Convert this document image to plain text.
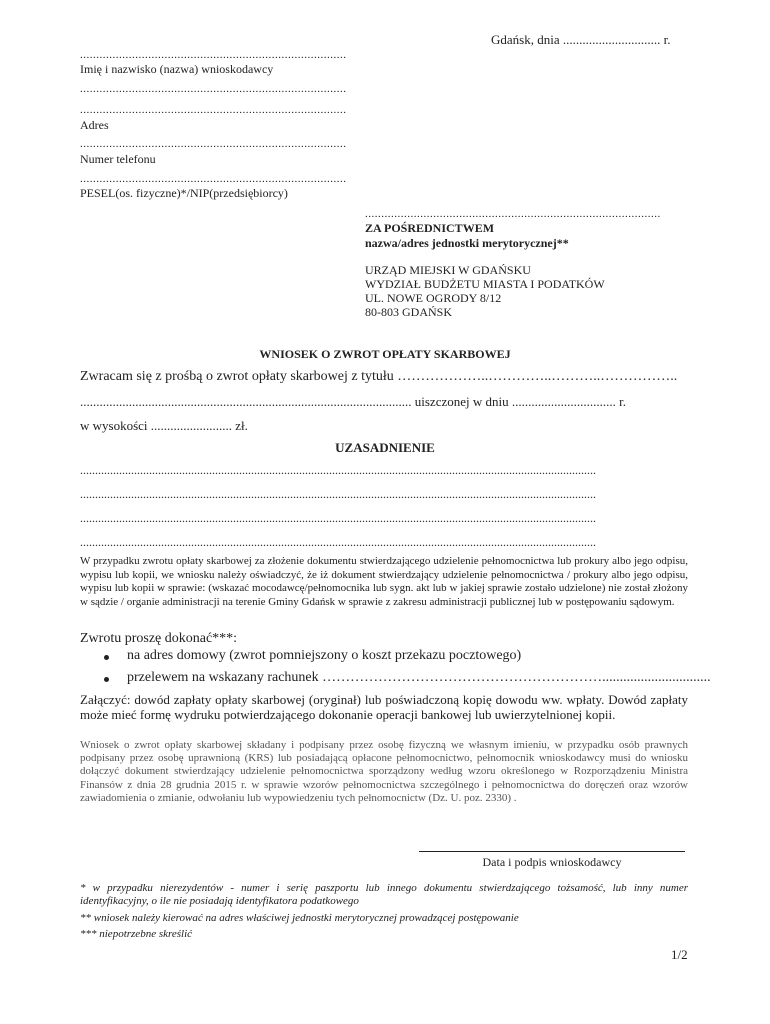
Gdańsk, dnia .............................. r.
..................................................................................
Imię i nazwisko (nazwa) wnioskodawcy
..................................................................................
..................................................................................
Adres
..................................................................................
Numer telefonu
..................................................................................
PESEL(os. fizyczne)*/NIP(przedsiębiorcy)
...........................................................................................
ZA POŚREDNICTWEM
nazwa/adres jednostki merytorycznej**
URZĄD MIEJSKI W GDAŃSKU
WYDZIAŁ BUDŻETU MIASTA I PODATKÓW
UL. NOWE OGRODY 8/12
80-803 GDAŃSK
WNIOSEK O ZWROT OPŁATY SKARBOWEJ
Zwracam się z prośbą o zwrot opłaty skarbowej z tytułu ………………..…………..………..……………..
...................................................................................................... uiszczonej w dniu ................................ r.
w wysokości ......................... zł.
UZASADNIENIE
............................................................................................................................................................................
............................................................................................................................................................................
............................................................................................................................................................................
............................................................................................................................................................................
W przypadku zwrotu opłaty skarbowej za złożenie dokumentu stwierdzającego udzielenie pełnomocnictwa lub prokury albo jego odpisu, wypisu lub kopii, we wniosku należy oświadczyć, że iż dokument stwierdzający udzielenie pełnomocnictwa / prokury albo jego odpisu, wypisu lub kopii w sprawie: (wskazać mocodawcę/pełnomocnika lub sygn. akt lub w jakiej sprawie zostało udzielone) nie został złożony w sądzie / organie administracji na terenie Gminy Gdańsk w sprawie z zakresu administracji publicznej lub w postępowaniu sądowym.
Zwrotu proszę dokonać***:
na adres domowy (zwrot pomniejszony o koszt przekazu pocztowego)
przelewem na wskazany rachunek ……………………………………………………...............................
Załączyć: dowód zapłaty opłaty skarbowej (oryginał) lub poświadczoną kopię dowodu ww. wpłaty. Dowód zapłaty może mieć formę wydruku potwierdzającego dokonanie operacji bankowej lub uwierzytelnionej kopii.
Wniosek o zwrot opłaty skarbowej składany i podpisany przez osobę fizyczną we własnym imieniu, w przypadku osób prawnych podpisany przez osobę uprawnioną (KRS) lub posiadającą opłacone pełnomocnictwo, pełnomocnik wnioskodawcy musi do wniosku dołączyć dokument stwierdzający udzielenie pełnomocnictwa sporządzony według wzoru określonego w Rozporządzeniu Ministra Finansów z dnia 28 grudnia 2015 r. w sprawie wzorów pełnomocnictwa szczególnego i pełnomocnictwa do doręczeń oraz wzorów zawiadomienia o zmianie, odwołaniu lub wypowiedzeniu tych pełnomocnictw (Dz. U. poz. 2330) .
Data i podpis wnioskodawcy
* w przypadku nierezydentów - numer i serię paszportu lub innego dokumentu stwierdzającego tożsamość, lub inny numer identyfikacyjny, o ile nie posiadają identyfikatora podatkowego
** wniosek należy kierować na adres właściwej jednostki merytorycznej prowadzącej postępowanie
*** niepotrzebne skreślić
1/2
